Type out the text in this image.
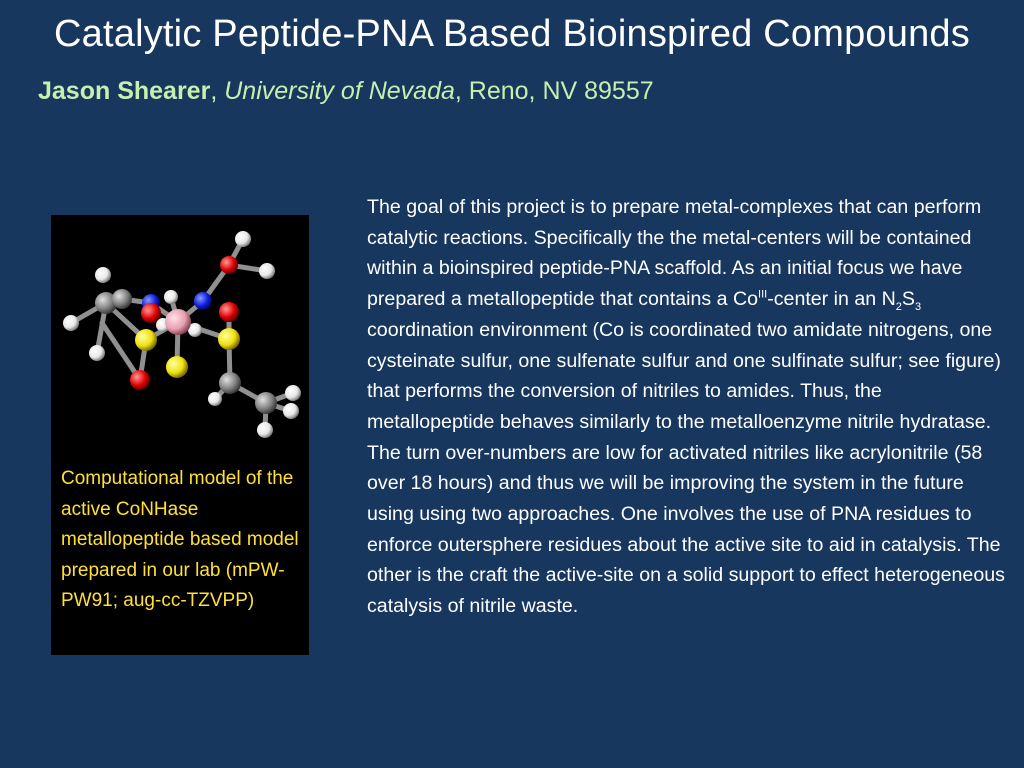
Catalytic Peptide-PNA Based Bioinspired Compounds
Jason Shearer, University of Nevada, Reno, NV 89557
Computational model of the active CoNHase metallopeptide based model prepared in our lab (mPW-PW91; aug-cc-TZVPP)
The goal of this project is to prepare metal-complexes that can perform catalytic reactions. Specifically the the metal-centers will be contained within a bioinspired peptide-PNA scaffold. As an initial focus we have prepared a metallopeptide that contains a $Co^{III}$-center in an $N_2S_3$ coordination environment (Co is coordinated two amidate nitrogens, one cysteinate sulfur, one sulfenate sulfur and one sulfinate sulfur; see figure) that performs the conversion of nitriles to amides. Thus, the metallopeptide behaves similarly to the metalloenzyme nitrile hydratase. The turn over-numbers are low for activated nitriles like acrylonitrile (58 over 18 hours) and thus we will be improving the system in the future using using two approaches. One involves the use of PNA residues to enforce outersphere residues about the active site to aid in catalysis. The other is the craft the active-site on a solid support to effect heterogeneous catalysis of nitrile waste.
